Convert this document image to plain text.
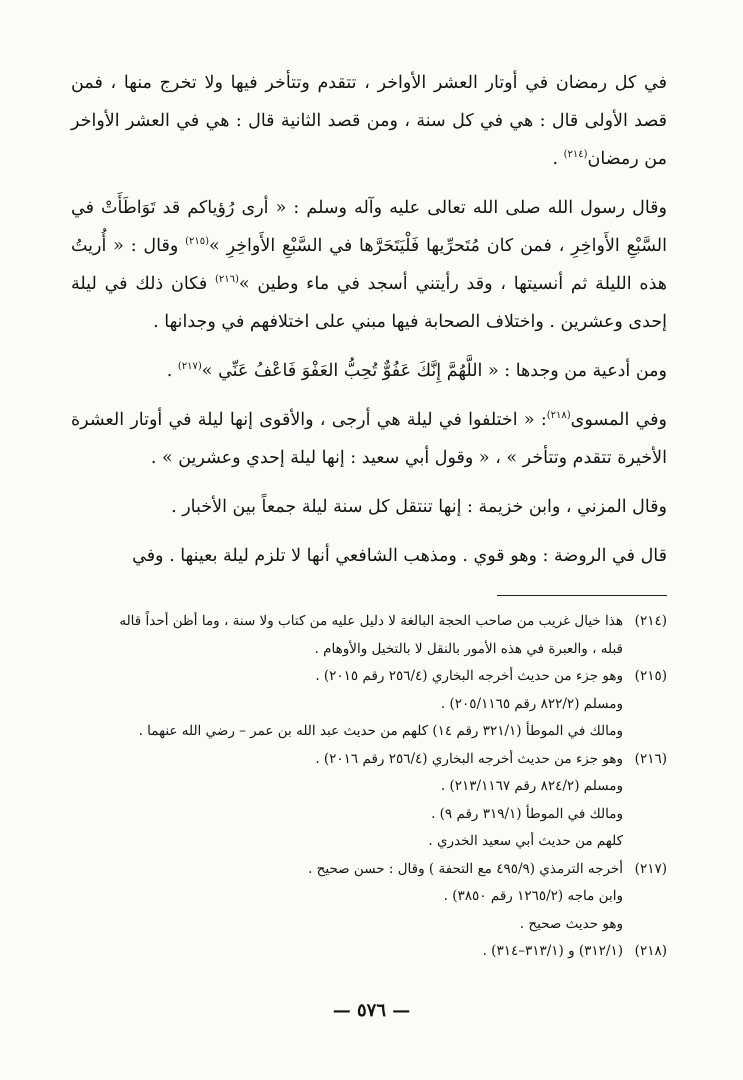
في كل رمضان في أوتار العشر الأواخر ، تتقدم وتتأخر فيها ولا تخرج منها ، فمن قصد الأولى قال : هي في كل سنة ، ومن قصد الثانية قال : هي في العشر الأواخر من رمضان$^{(٢١٤)}$ .

وقال رسول الله صلى الله تعالى عليه وآله وسلم : « أرى رُؤياكم قد تَوَاطَأَتْ في السَّبْعِ الأَواخِرِ ، فمن كان مُتَحرِّيها فَلْيَتَحَرَّها في السَّبْعِ الأَواخِرِ »$^{(٢١٥)}$ وقال : « أُريتُ هذه الليلة ثم أنسيتها ، وقد رأيتني أسجد في ماء وطين »$^{(٢١٦)}$ فكان ذلك في ليلة إحدى وعشرين . واختلاف الصحابة فيها مبني على اختلافهم في وجدانها .

ومن أدعية من وجدها : « اللَّهُمَّ إِنَّكَ عَفُوٌّ تُحِبُّ العَفْوَ فَاعْفُ عَنِّي »$^{(٢١٧)}$ .

وفي المسوى$^{(٢١٨)}$: « اختلفوا في ليلة هي أرجى ، والأقوى إنها ليلة في أوتار العشرة الأخيرة تتقدم وتتأخر » ، « وقول أبي سعيد : إنها ليلة إحدي وعشرين » .

وقال المزني ، وابن خزيمة : إنها تنتقل كل سنة ليلة جمعاً بين الأخبار .

قال في الروضة : وهو قوي . ومذهب الشافعي أنها لا تلزم ليلة بعينها . وفي

(٢١٤)
هذا خيال غريب من صاحب الحجة البالغة لا دليل عليه من كتاب ولا سنة ، وما أظن أحداً قاله
قبله ، والعبرة في هذه الأمور بالنقل لا بالتخيل والأوهام .
(٢١٥)
وهو جزء من حديث أخرجه البخاري (٢٥٦/٤ رقم ٢٠١٥) .
ومسلم (٨٢٢/٢ رقم ٢٠٥/١١٦٥) .
ومالك في الموطأ (٣٢١/١ رقم ١٤) كلهم من حديث عبد الله بن عمر – رضي الله عنهما .
(٢١٦)
وهو جزء من حديث أخرجه البخاري (٢٥٦/٤ رقم ٢٠١٦) .
ومسلم (٨٢٤/٢ رقم ٢١٣/١١٦٧) .
ومالك في الموطأ (٣١٩/١ رقم ٩) .
كلهم من حديث أبي سعيد الخدري .
(٢١٧)
أخرجه الترمذي (٤٩٥/٩ مع التحفة ) وقال : حسن صحيح .
وابن ماجه (١٢٦٥/٢ رقم ٣٨٥٠) .
وهو حديث صحيح .
(٢١٨)
(٣١٢/١) و (٣١٣/١–٣١٤) .
— ٥٧٦ —
